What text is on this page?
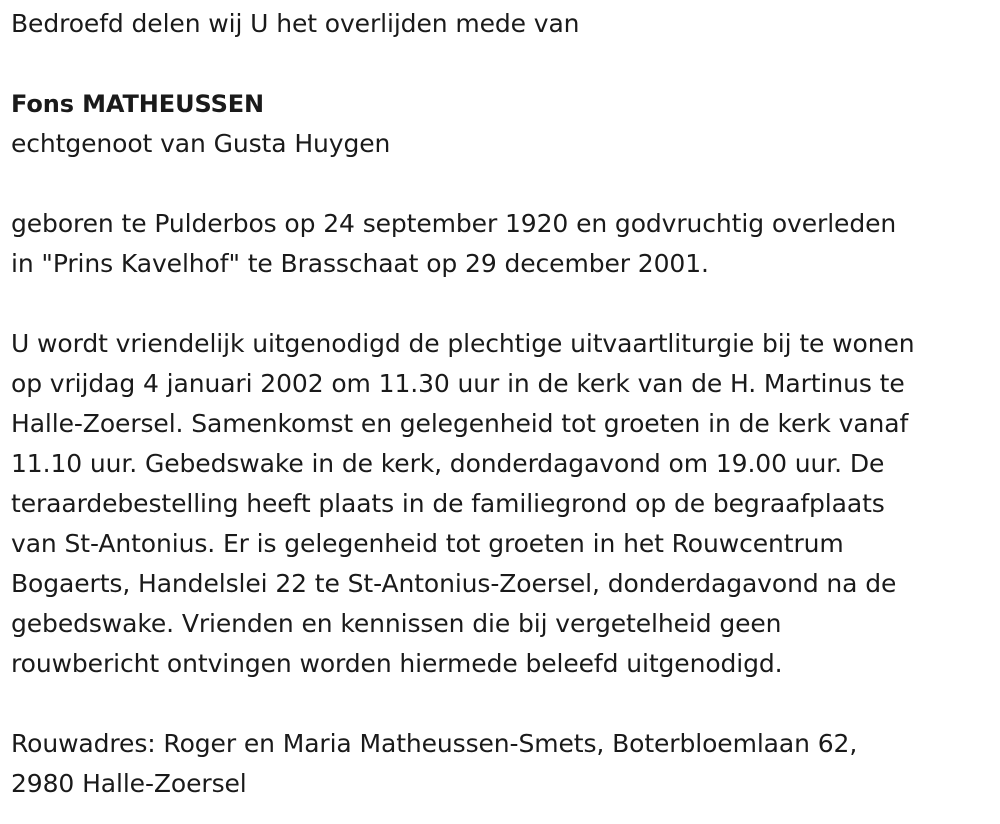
Bedroefd delen wij U het overlijden mede van
Fons MATHEUSSEN
echtgenoot van Gusta Huygen
geboren te Pulderbos op 24 september 1920 en godvruchtig overleden
in "Prins Kavelhof" te Brasschaat op 29 december 2001.
U wordt vriendelijk uitgenodigd de plechtige uitvaartliturgie bij te wonen
op vrijdag 4 januari 2002 om 11.30 uur in de kerk van de H. Martinus te
Halle-Zoersel. Samenkomst en gelegenheid tot groeten in de kerk vanaf
11.10 uur. Gebedswake in de kerk, donderdagavond om 19.00 uur. De
teraardebestelling heeft plaats in de familiegrond op de begraafplaats
van St-Antonius. Er is gelegenheid tot groeten in het Rouwcentrum
Bogaerts, Handelslei 22 te St-Antonius-Zoersel, donderdagavond na de
gebedswake. Vrienden en kennissen die bij vergetelheid geen
rouwbericht ontvingen worden hiermede beleefd uitgenodigd.
Rouwadres: Roger en Maria Matheussen-Smets, Boterbloemlaan 62,
2980 Halle-Zoersel
